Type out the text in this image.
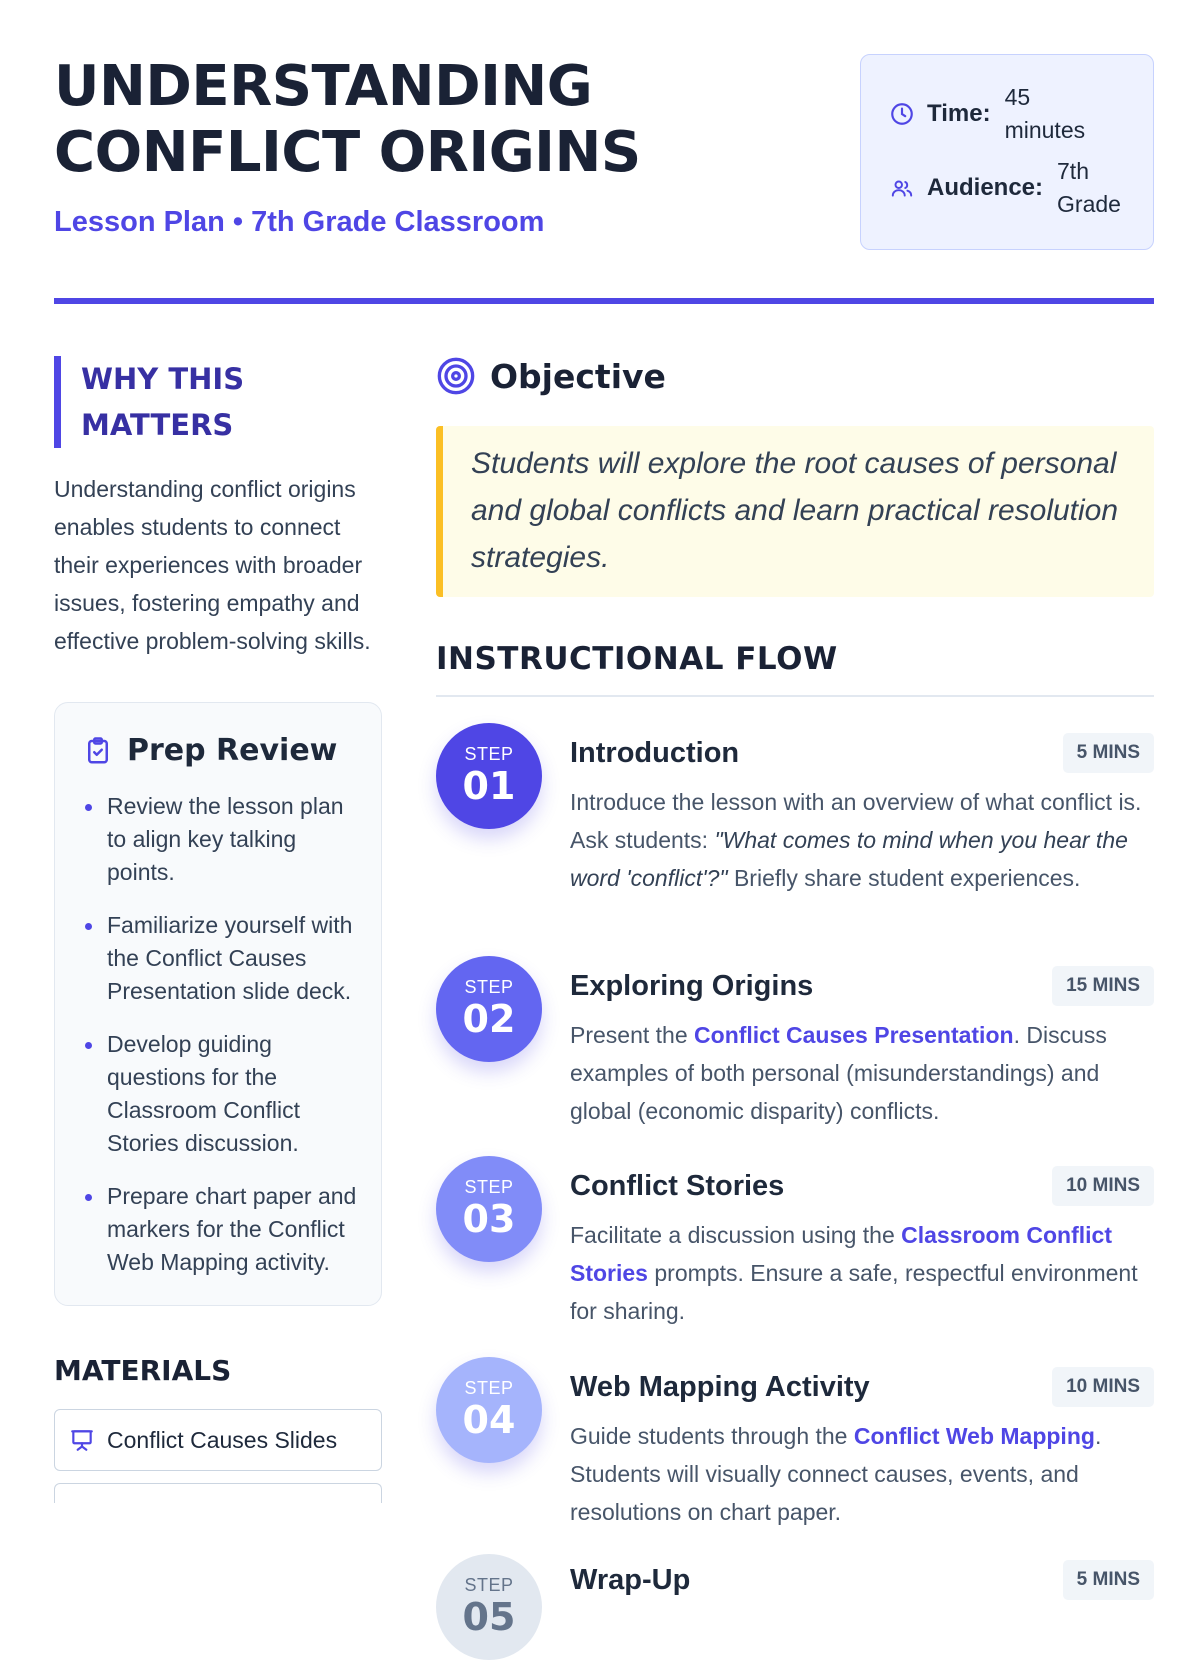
UNDERSTANDING CONFLICT ORIGINS
Lesson Plan • 7th Grade Classroom
Time:
45 minutes
Audience:
7th Grade
WHY THIS MATTERS
Understanding conflict origins enables students to connect their experiences with broader issues, fostering empathy and effective problem-solving skills.
Prep Review
Review the lesson plan to align key talking points.
Familiarize yourself with the Conflict Causes Presentation slide deck.
Develop guiding questions for the Classroom Conflict Stories discussion.
Prepare chart paper and markers for the Conflict Web Mapping activity.
MATERIALS
Conflict Causes Slides
Objective
Students will explore the root causes of personal and global conflicts and learn practical resolution strategies.
INSTRUCTIONAL FLOW
STEP
01
Introduction	5 MINS
Introduce the lesson with an overview of what conflict is. Ask students: "What comes to mind when you hear the word 'conflict'?" Briefly share student experiences.
STEP
02
Exploring Origins	15 MINS
Present the Conflict Causes Presentation. Discuss examples of both personal (misunderstandings) and global (economic disparity) conflicts.
STEP
03
Conflict Stories	10 MINS
Facilitate a discussion using the Classroom Conflict Stories prompts. Ensure a safe, respectful environment for sharing.
STEP
04
Web Mapping Activity	10 MINS
Guide students through the Conflict Web Mapping. Students will visually connect causes, events, and resolutions on chart paper.
STEP
05
Wrap-Up	5 MINS
